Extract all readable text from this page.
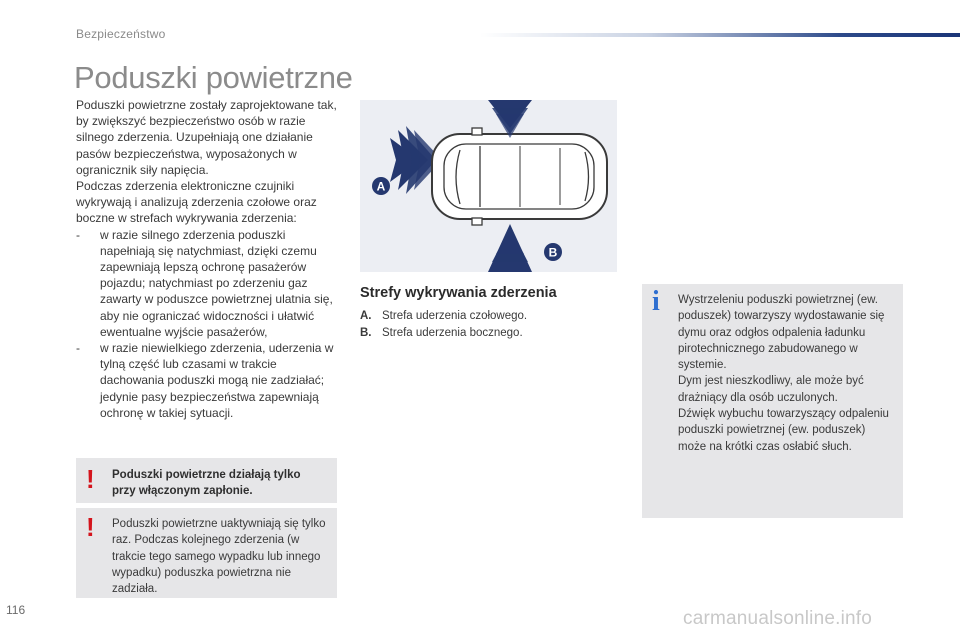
Bezpieczeństwo
Poduszki powietrzne

Poduszki powietrzne zostały zaprojektowane tak, by zwiększyć bezpieczeństwo osób w razie silnego zderzenia. Uzupełniają one działanie pasów bezpieczeństwa, wyposażonych w ogranicznik siły napięcia.

Podczas zderzenia elektroniczne czujniki wykrywają i analizują zderzenia czołowe oraz boczne w strefach wykrywania zderzenia:

-	w razie silnego zderzenia poduszki napełniają się natychmiast, dzięki czemu zapewniają lepszą ochronę pasażerów pojazdu; natychmiast po zderzeniu gaz zawarty w poduszce powietrznej ulatnia się, aby nie ograniczać widoczności i ułatwić ewentualne wyjście pasażerów,
-	w razie niewielkiego zderzenia, uderzenia w tylną część lub czasami w trakcie dachowania poduszki mogą nie zadziałać; jedynie pasy bezpieczeństwa zapewniają ochronę w takiej sytuacji.
A
B
Strefy wykrywania zderzenia
A. Strefa uderzenia czołowego.
B. Strefa uderzenia bocznego.
! Poduszki powietrzne działają tylko przy włączonym zapłonie.
! Poduszki powietrzne uaktywniają się tylko raz. Podczas kolejnego zderzenia (w trakcie tego samego wypadku lub innego wypadku) poduszka powietrzna nie zadziała.
i Wystrzeleniu poduszki powietrznej (ew. poduszek) towarzyszy wydostawanie się dymu oraz odgłos odpalenia ładunku pirotechnicznego zabudowanego w systemie.

Dym jest nieszkodliwy, ale może być drażniący dla osób uczulonych.

Dźwięk wybuchu towarzyszący odpaleniu poduszki powietrznej (ew. poduszek) może na krótki czas osłabić słuch.

116	carmanualsonline.info
